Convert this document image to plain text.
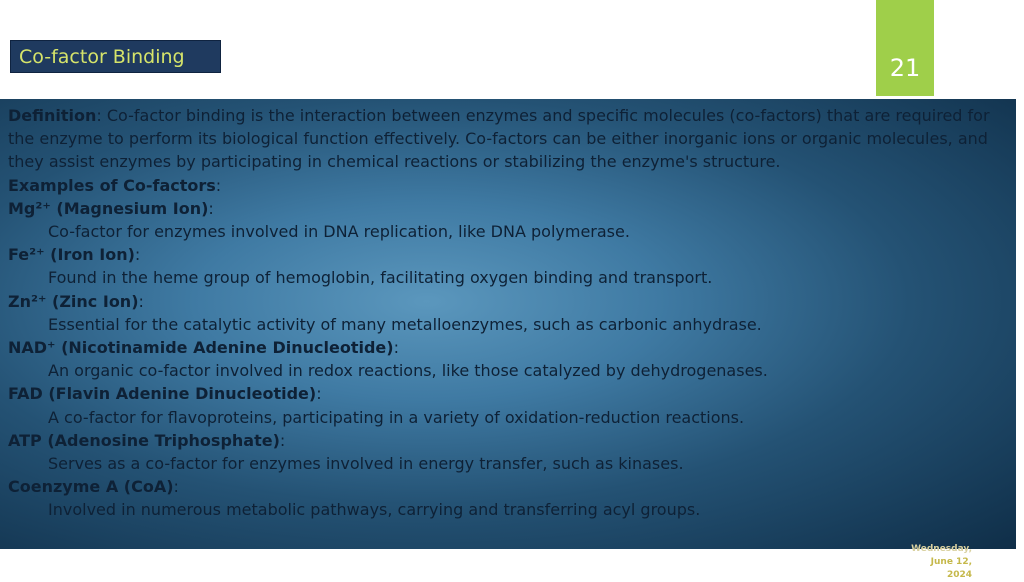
Co-factor Binding	21

Definition: Co-factor binding is the interaction between enzymes and specific molecules (co-factors) that are required for the enzyme to perform its biological function effectively. Co-factors can be either inorganic ions or organic molecules, and they assist enzymes by participating in chemical reactions or stabilizing the enzyme's structure.

Examples of Co-factors:

Mg²⁺ (Magnesium Ion):

Co-factor for enzymes involved in DNA replication, like DNA polymerase.

Fe²⁺ (Iron Ion):

Found in the heme group of hemoglobin, facilitating oxygen binding and transport.

Zn²⁺ (Zinc Ion):

Essential for the catalytic activity of many metalloenzymes, such as carbonic anhydrase.

NAD⁺ (Nicotinamide Adenine Dinucleotide):

An organic co-factor involved in redox reactions, like those catalyzed by dehydrogenases.

FAD (Flavin Adenine Dinucleotide):

A co-factor for flavoproteins, participating in a variety of oxidation-reduction reactions.

ATP (Adenosine Triphosphate):

Serves as a co-factor for enzymes involved in energy transfer, such as kinases.

Coenzyme A (CoA):

Involved in numerous metabolic pathways, carrying and transferring acyl groups.

Wednesday,
June 12,
2024
